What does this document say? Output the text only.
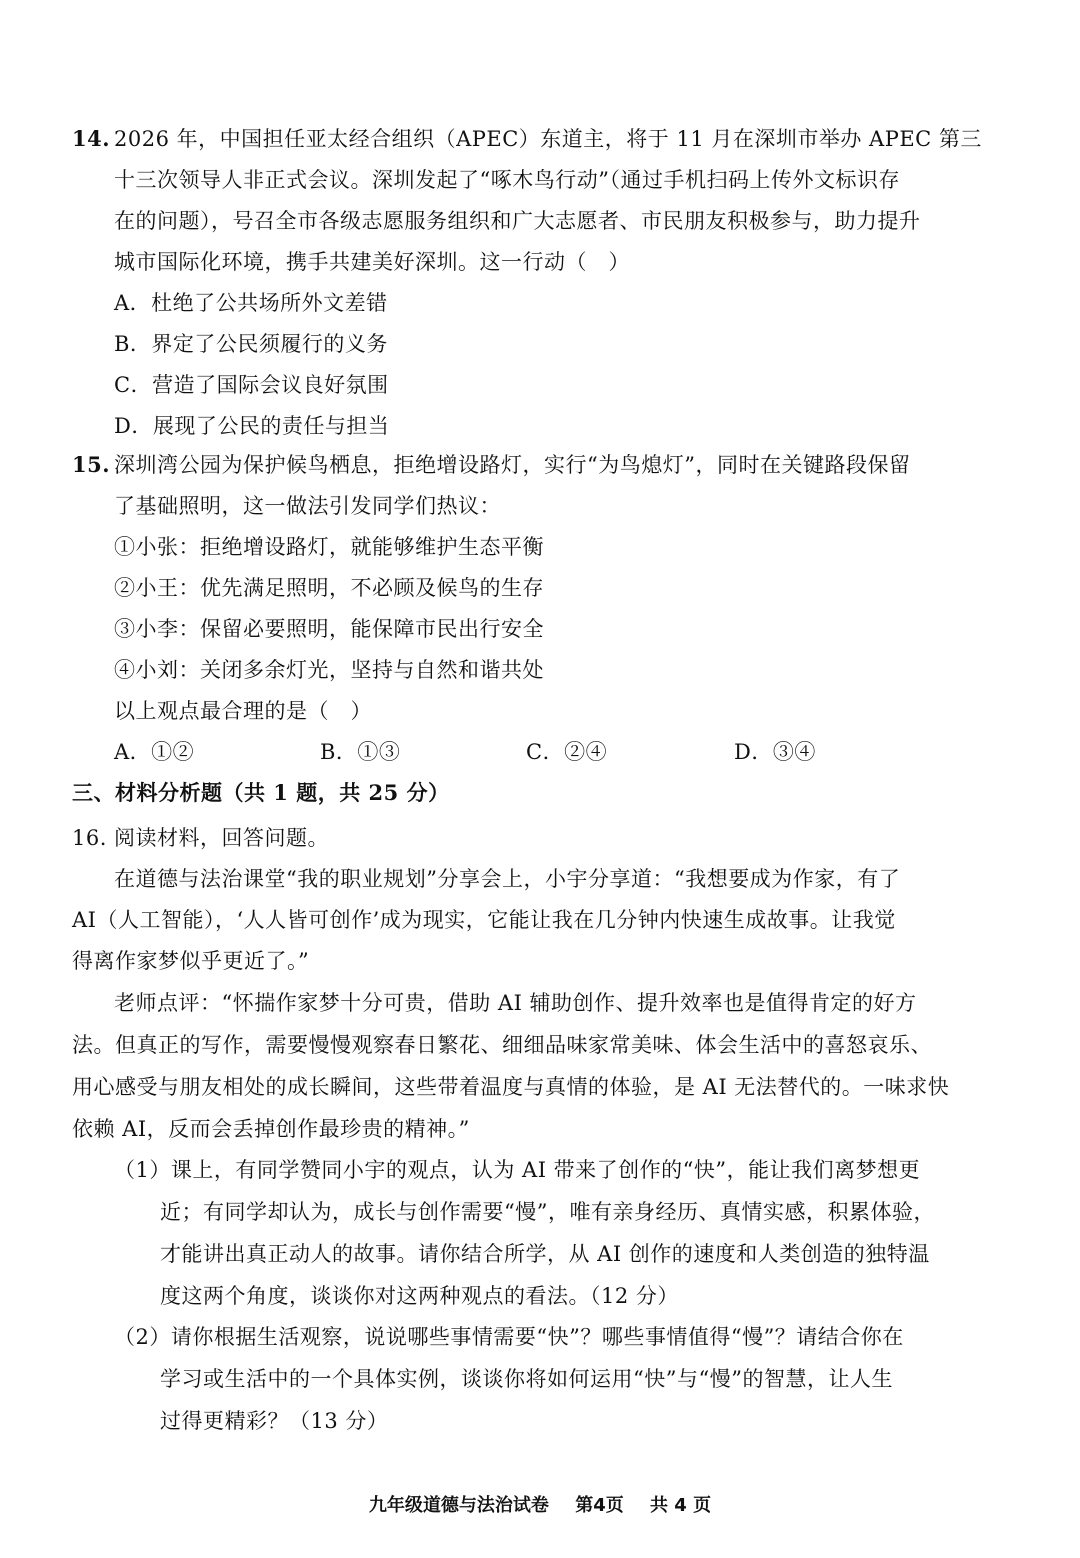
14. 2026 年，中国担任亚太经合组织（APEC）东道主，将于 11 月在深圳市举办 APEC 第三
十三次领导人非正式会议。深圳发起了“啄木鸟行动”（通过手机扫码上传外文标识存
在的问题），号召全市各级志愿服务组织和广大志愿者、市民朋友积极参与，助力提升
城市国际化环境，携手共建美好深圳。这一行动（　）
A．杜绝了公共场所外文差错
B．界定了公民须履行的义务
C．营造了国际会议良好氛围
D．展现了公民的责任与担当
15. 深圳湾公园为保护候鸟栖息，拒绝增设路灯，实行“为鸟熄灯”，同时在关键路段保留
了基础照明，这一做法引发同学们热议：
①小张：拒绝增设路灯，就能够维护生态平衡
②小王：优先满足照明，不必顾及候鸟的生存
③小李：保留必要照明，能保障市民出行安全
④小刘：关闭多余灯光，坚持与自然和谐共处
以上观点最合理的是（　）
A．①②	B．①③	C．②④	D．③④
三、材料分析题（共 1 题，共 25 分）
16. 阅读材料，回答问题。
在道德与法治课堂“我的职业规划”分享会上，小宇分享道：“我想要成为作家，有了
AI（人工智能），‘人人皆可创作’成为现实，它能让我在几分钟内快速生成故事。让我觉
得离作家梦似乎更近了。”
老师点评：“怀揣作家梦十分可贵，借助 AI 辅助创作、提升效率也是值得肯定的好方
法。但真正的写作，需要慢慢观察春日繁花、细细品味家常美味、体会生活中的喜怒哀乐、
用心感受与朋友相处的成长瞬间，这些带着温度与真情的体验，是 AI 无法替代的。一味求快
依赖 AI，反而会丢掉创作最珍贵的精神。”
（1）课上，有同学赞同小宇的观点，认为 AI 带来了创作的“快”，能让我们离梦想更
近；有同学却认为，成长与创作需要“慢”，唯有亲身经历、真情实感，积累体验，
才能讲出真正动人的故事。请你结合所学，从 AI 创作的速度和人类创造的独特温
度这两个角度，谈谈你对这两种观点的看法。（12 分）
（2）请你根据生活观察，说说哪些事情需要“快”？哪些事情值得“慢”？请结合你在
学习或生活中的一个具体实例，谈谈你将如何运用“快”与“慢”的智慧，让人生
过得更精彩？（13 分）
九年级道德与法治试卷 第4页 共 4 页
